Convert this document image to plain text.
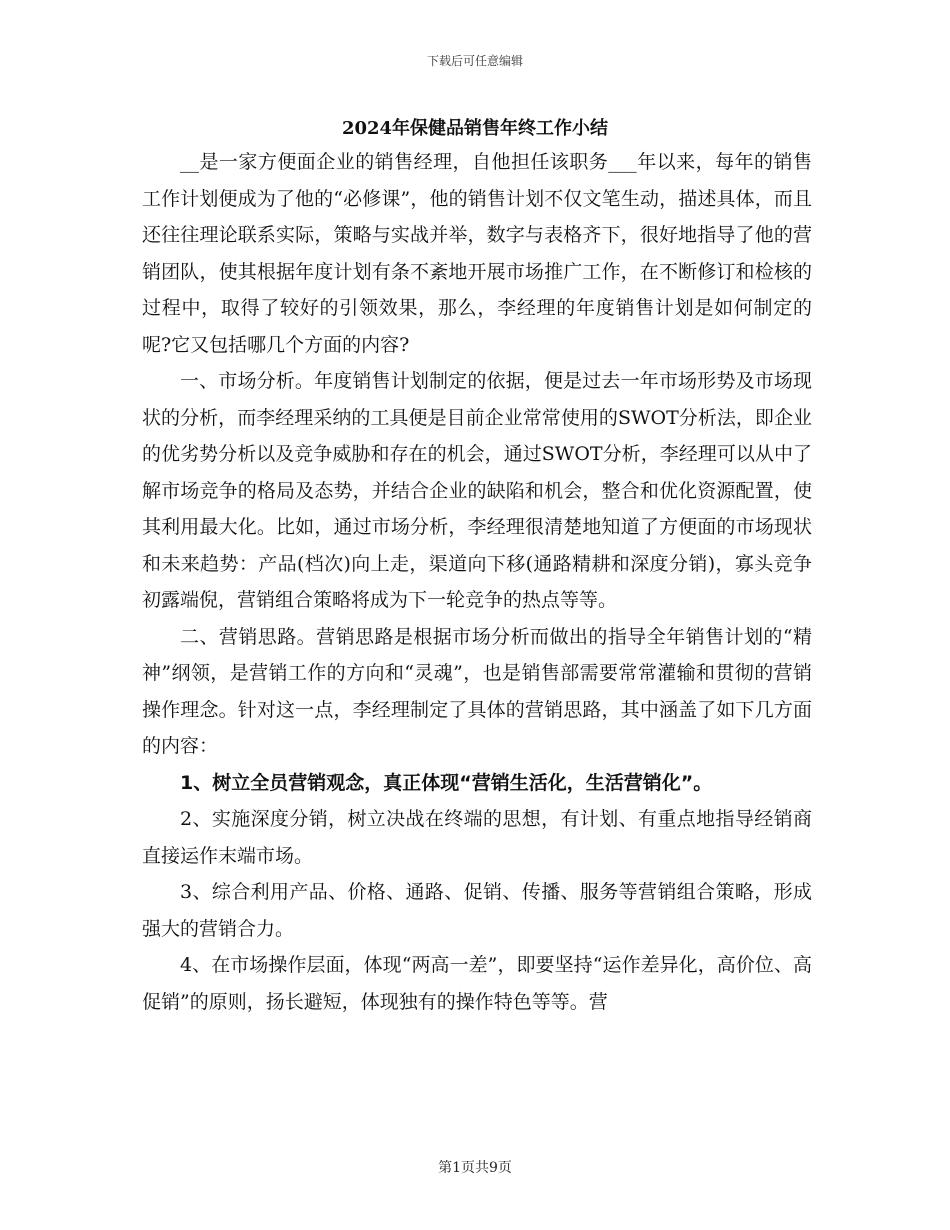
下载后可任意编辑
2024年保健品销售年终工作小结

__是一家方便面企业的销售经理，自他担任该职务___年以来，每年的销售工作计划便成为了他的“必修课”，他的销售计划不仅文笔生动，描述具体，而且还往往理论联系实际，策略与实战并举，数字与表格齐下，很好地指导了他的营销团队，使其根据年度计划有条不紊地开展市场推广工作，在不断修订和检核的过程中，取得了较好的引领效果，那么，李经理的年度销售计划是如何制定的呢?它又包括哪几个方面的内容?

一、市场分析。年度销售计划制定的依据，便是过去一年市场形势及市场现状的分析，而李经理采纳的工具便是目前企业常常使用的SWOT分析法，即企业的优劣势分析以及竞争威胁和存在的机会，通过SWOT分析，李经理可以从中了解市场竞争的格局及态势，并结合企业的缺陷和机会，整合和优化资源配置，使其利用最大化。比如，通过市场分析，李经理很清楚地知道了方便面的市场现状和未来趋势：产品(档次)向上走，渠道向下移(通路精耕和深度分销)，寡头竞争初露端倪，营销组合策略将成为下一轮竞争的热点等等。

二、营销思路。营销思路是根据市场分析而做出的指导全年销售计划的“精神”纲领，是营销工作的方向和“灵魂”，也是销售部需要常常灌输和贯彻的营销操作理念。针对这一点，李经理制定了具体的营销思路，其中涵盖了如下几方面的内容：

1、树立全员营销观念，真正体现“营销生活化，生活营销化”。

2、实施深度分销，树立决战在终端的思想，有计划、有重点地指导经销商直接运作末端市场。

3、综合利用产品、价格、通路、促销、传播、服务等营销组合策略，形成强大的营销合力。

4、在市场操作层面，体现“两高一差”，即要坚持“运作差异化，高价位、高促销”的原则，扬长避短，体现独有的操作特色等等。营

第1页共9页
